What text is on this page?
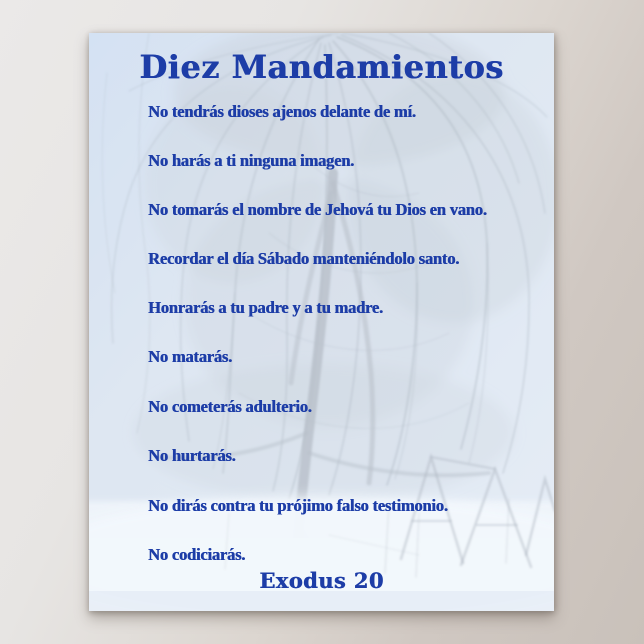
Diez Mandamientos
No tendrás dioses ajenos delante de mí.
No harás a ti ninguna imagen.
No tomarás el nombre de Jehová tu Dios en vano.
Recordar el día Sábado manteniéndolo santo.
Honrarás a tu padre y a tu madre.
No matarás.
No cometerás adulterio.
No hurtarás.
No dirás contra tu prójimo falso testimonio.
No codiciarás.
Exodus 20
